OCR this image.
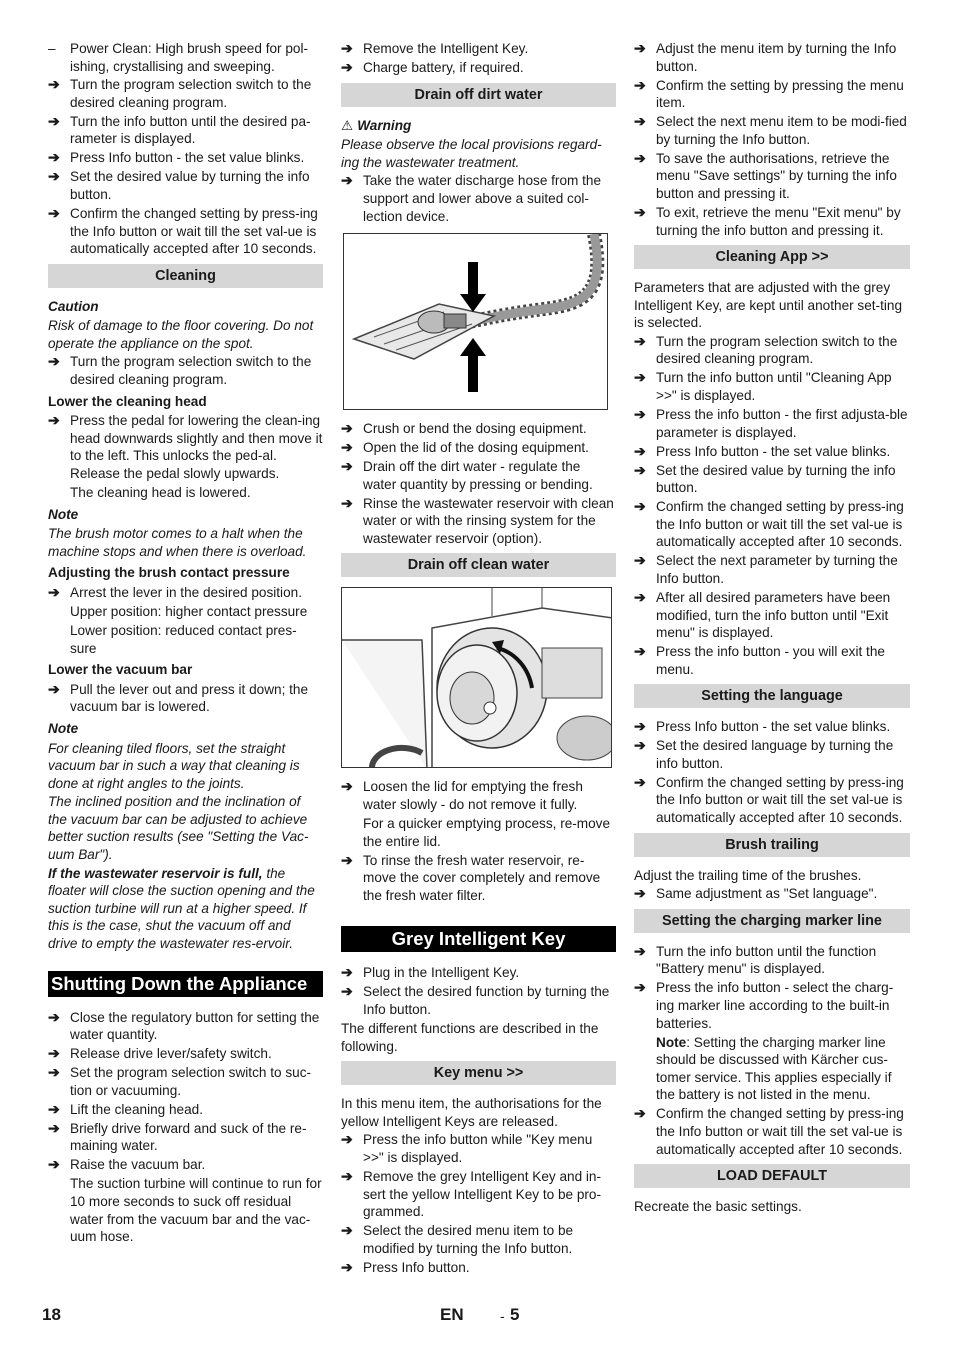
– Power Clean: High brush speed for pol-ishing, crystallising and sweeping.
➔ Turn the program selection switch to the desired cleaning program.
➔ Turn the info button until the desired pa-rameter is displayed.
➔ Press Info button - the set value blinks.
➔ Set the desired value by turning the info button.
➔ Confirm the changed setting by press-ing the Info button or wait till the set val-ue is automatically accepted after 10 seconds.
Cleaning
Caution
Risk of damage to the floor covering. Do not operate the appliance on the spot.
➔ Turn the program selection switch to the desired cleaning program.
Lower the cleaning head
➔ Press the pedal for lowering the clean-ing head downwards slightly and then move it to the left. This unlocks the ped-al. Release the pedal slowly upwards.
The cleaning head is lowered.
Note
The brush motor comes to a halt when the machine stops and when there is overload.
Adjusting the brush contact pressure
➔ Arrest the lever in the desired position.
Upper position: higher contact pressure
Lower position: reduced contact pres-sure
Lower the vacuum bar
➔ Pull the lever out and press it down; the vacuum bar is lowered.
Note
For cleaning tiled floors, set the straight vacuum bar in such a way that cleaning is done at right angles to the joints.
The inclined position and the inclination of the vacuum bar can be adjusted to achieve better suction results (see "Setting the Vac-uum Bar").
If the wastewater reservoir is full, the floater will close the suction opening and the suction turbine will run at a higher speed. If this is the case, shut the vacuum off and drive to empty the wastewater res-ervoir.
Shutting Down the Appliance
➔ Close the regulatory button for setting the water quantity.
➔ Release drive lever/safety switch.
➔ Set the program selection switch to suc-tion or vacuuming.
➔ Lift the cleaning head.
➔ Briefly drive forward and suck of the re-maining water.
➔ Raise the vacuum bar.
The suction turbine will continue to run for 10 more seconds to suck off residual water from the vacuum bar and the vac-uum hose.
➔ Remove the Intelligent Key.
➔ Charge battery, if required.
Drain off dirt water
⚠ Warning
Please observe the local provisions regard-ing the wastewater treatment.
➔ Take the water discharge hose from the support and lower above a suited col-lection device.
➔ Crush or bend the dosing equipment.
➔ Open the lid of the dosing equipment.
➔ Drain off the dirt water - regulate the water quantity by pressing or bending.
➔ Rinse the wastewater reservoir with clean water or with the rinsing system for the wastewater reservoir (option).
Drain off clean water
➔ Loosen the lid for emptying the fresh water slowly - do not remove it fully.
For a quicker emptying process, re-move the entire lid.
➔ To rinse the fresh water reservoir, re-move the cover completely and remove the fresh water filter.
Grey Intelligent Key
➔ Plug in the Intelligent Key.
➔ Select the desired function by turning the Info button.
The different functions are described in the following.
Key menu >>
In this menu item, the authorisations for the yellow Intelligent Keys are released.
➔ Press the info button while "Key menu >>" is displayed.
➔ Remove the grey Intelligent Key and in-sert the yellow Intelligent Key to be pro-grammed.
➔ Select the desired menu item to be modified by turning the Info button.
➔ Press Info button.
➔ Adjust the menu item by turning the Info button.
➔ Confirm the setting by pressing the menu item.
➔ Select the next menu item to be modi-fied by turning the Info button.
➔ To save the authorisations, retrieve the menu "Save settings" by turning the info button and pressing it.
➔ To exit, retrieve the menu "Exit menu" by turning the info button and pressing it.
Cleaning App >>
Parameters that are adjusted with the grey Intelligent Key, are kept until another set-ting is selected.
➔ Turn the program selection switch to the desired cleaning program.
➔ Turn the info button until "Cleaning App >>" is displayed.
➔ Press the info button - the first adjusta-ble parameter is displayed.
➔ Press Info button - the set value blinks.
➔ Set the desired value by turning the info button.
➔ Confirm the changed setting by press-ing the Info button or wait till the set val-ue is automatically accepted after 10 seconds.
➔ Select the next parameter by turning the Info button.
➔ After all desired parameters have been modified, turn the info button until "Exit menu" is displayed.
➔ Press the info button - you will exit the menu.
Setting the language
➔ Press Info button - the set value blinks.
➔ Set the desired language by turning the info button.
➔ Confirm the changed setting by press-ing the Info button or wait till the set val-ue is automatically accepted after 10 seconds.
Brush trailing
Adjust the trailing time of the brushes.
➔ Same adjustment as "Set language".
Setting the charging marker line
➔ Turn the info button until the function "Battery menu" is displayed.
➔ Press the info button - select the charg-ing marker line according to the built-in batteries.
Note: Setting the charging marker line should be discussed with Kärcher cus-tomer service. This applies especially if the battery is not listed in the menu.
➔ Confirm the changed setting by press-ing the Info button or wait till the set val-ue is automatically accepted after 10 seconds.
LOAD DEFAULT
Recreate the basic settings.
18	EN	- 5
